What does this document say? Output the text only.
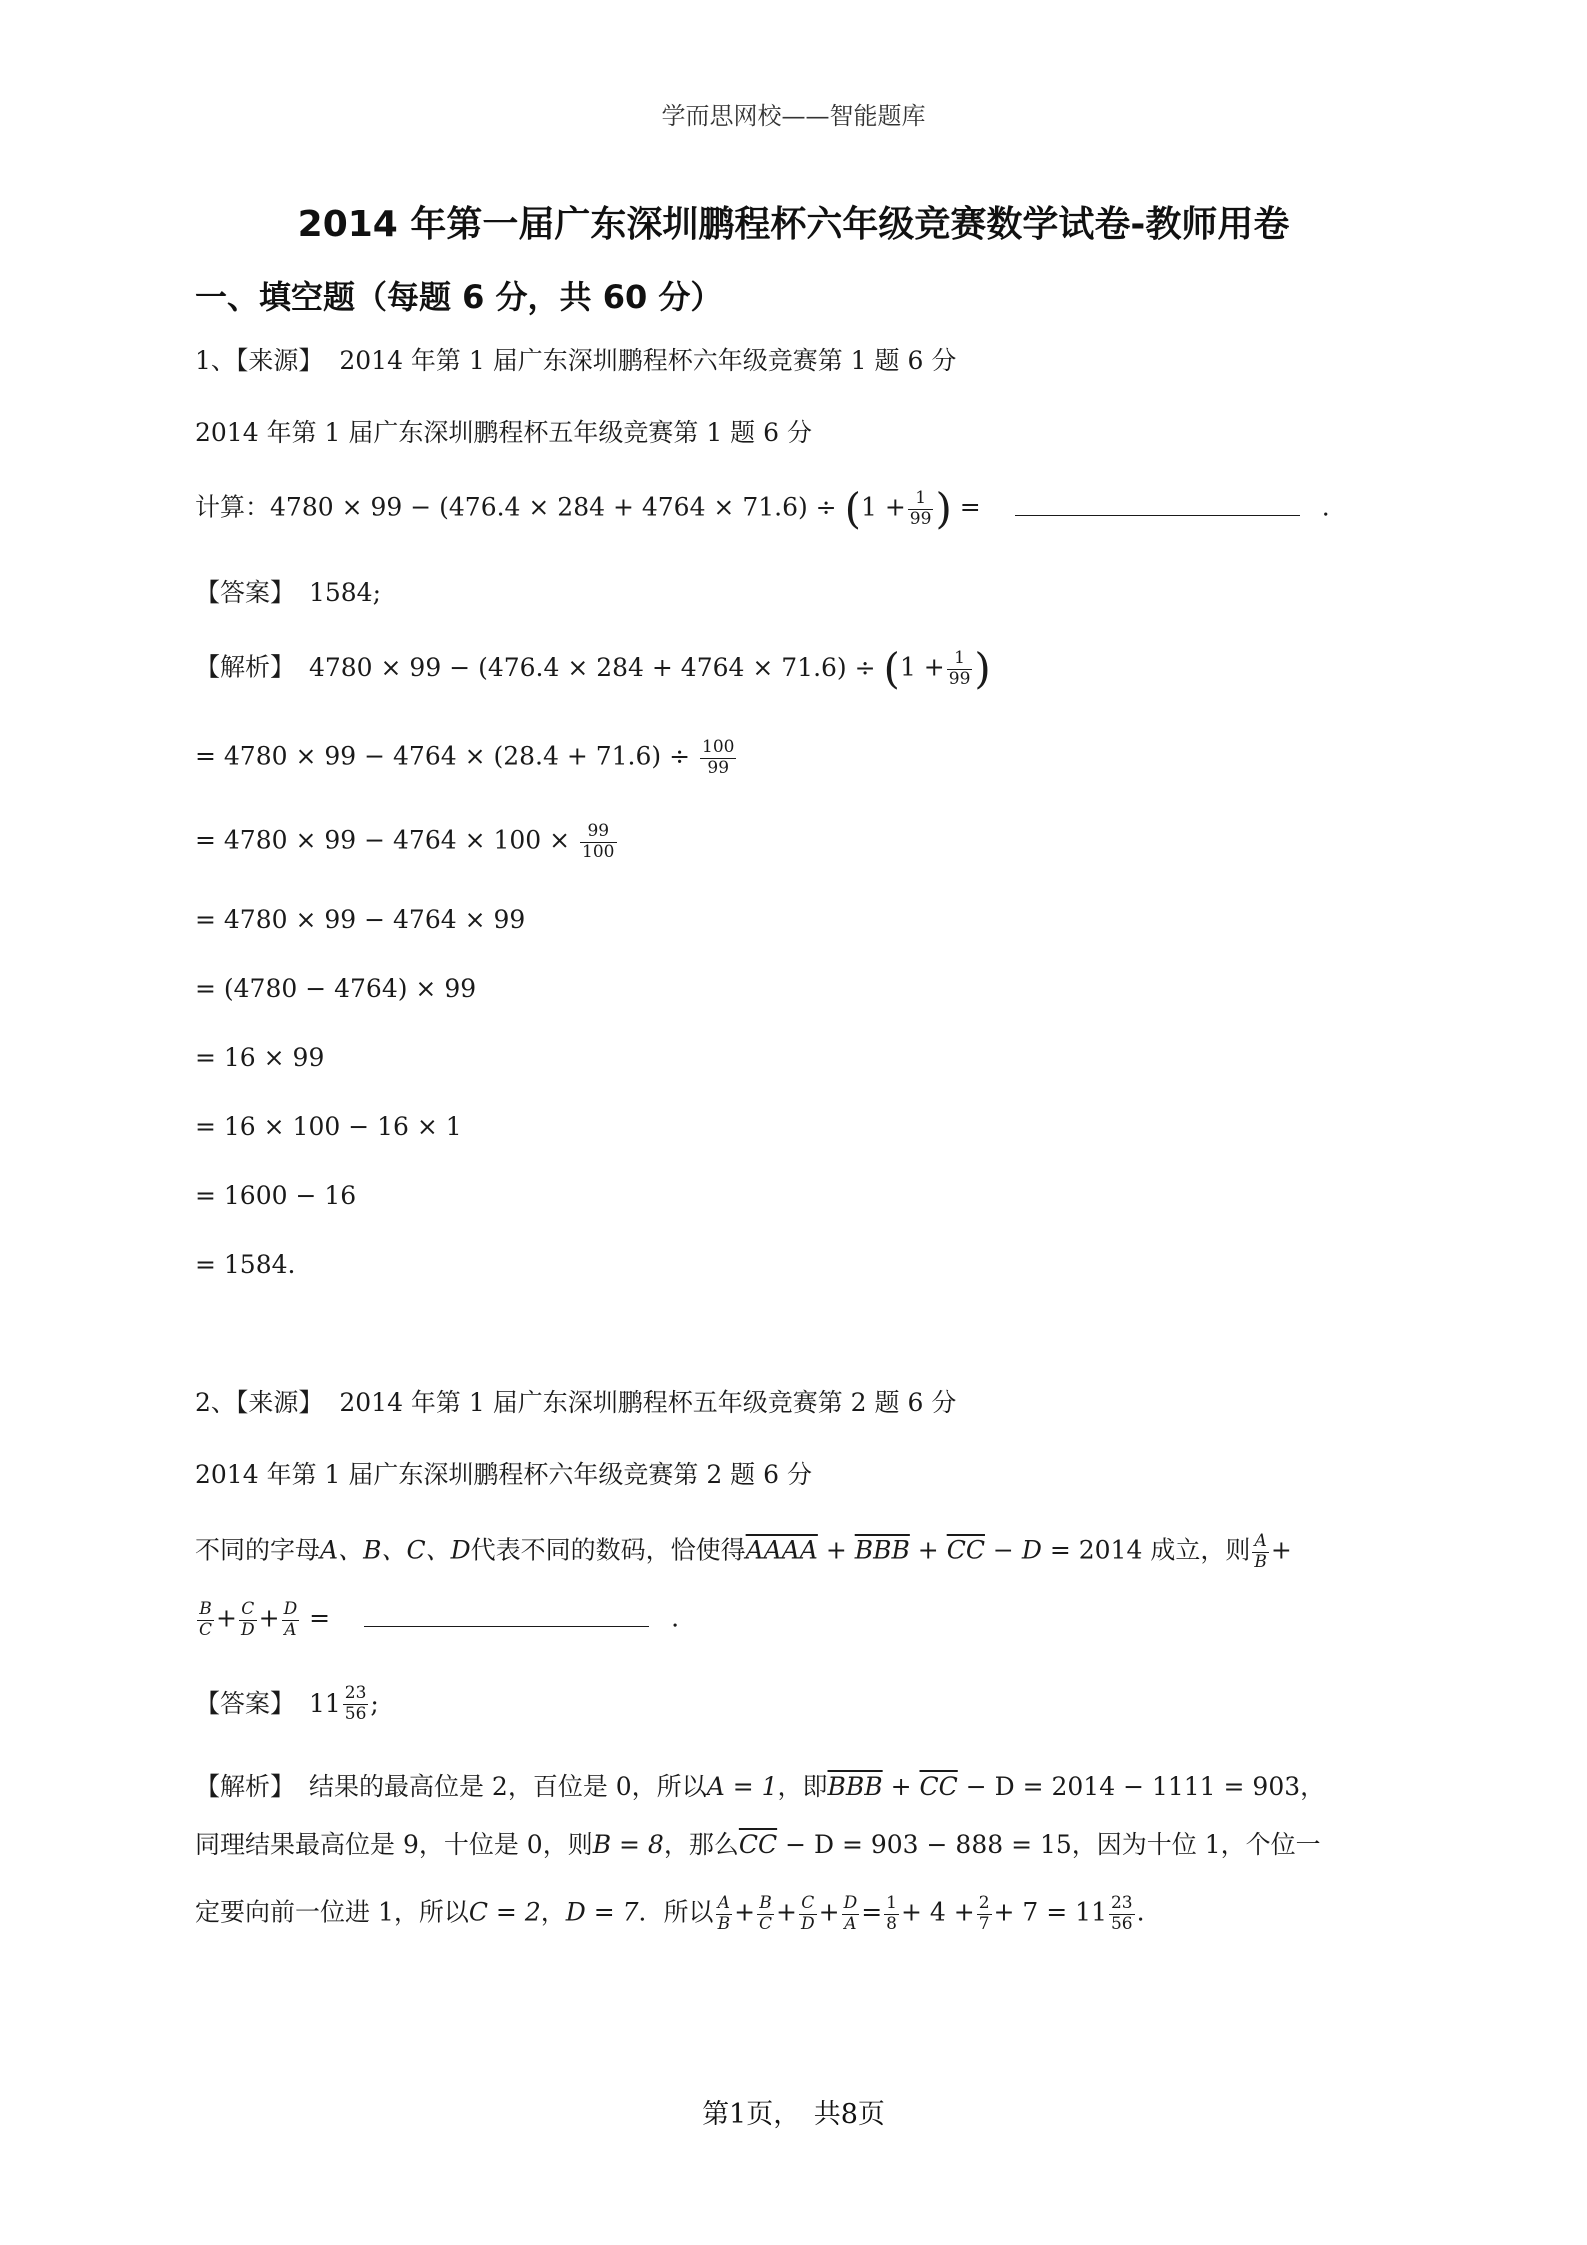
学而思网校——智能题库
2014 年第一届广东深圳鹏程杯六年级竞赛数学试卷-教师用卷
一、填空题（每题 6 分，共 60 分）
1、【来源】 2014 年第 1 届广东深圳鹏程杯六年级竞赛第 1 题 6 分
2014 年第 1 届广东深圳鹏程杯五年级竞赛第 1 题 6 分
计算：$4780 \times 99 - (476.4 \times 284 + 4764 \times 71.6) \div (1 + \frac{1}{99}$ ) =	.
【答案】 1584;
【解析】 $4780 \times 99 - (476.4 \times 284 + 4764 \times 71.6) \div (1 + \frac{1}{99}$ )
= $4780 \times 99 - 4764 \times (28.4 + 71.6) \div \frac{100}{99}$
= $4780 \times 99 - 4764 \times 100 \times \frac{99}{100}$
= 4780 × 99 − 4764 × 99
= (4780 − 4764) × 99
= 16 × 99
= 16 × 100 − 16 × 1
= 1600 − 16
= 1584.
2、【来源】 2014 年第 1 届广东深圳鹏程杯五年级竞赛第 2 题 6 分
2014 年第 1 届广东深圳鹏程杯六年级竞赛第 2 题 6 分
不同的字母A、B、C、D代表不同的数码，恰使得AAAA + $\overline{BBB} + \overline{CC} - D = 2014$ 成立，则 $\frac{A}{B}$ +
$\frac{B}{C} + \frac{C}{D} + \frac{D}{A}$ =	.
【答案】 $11 \frac{23}{56}$ ;
【解析】 结果的最高位是 2，百位是 0，所以A = 1，即$\overline{BBB} + \overline{CC} - D = 2014 - 1111 = 903$，
同理结果最高位是 9，十位是 0，则B = 8，那么$\overline{CC} - D = 903 - 888 = 15$，因为十位 1，个位一
定要向前一位进 1，所以C = 2，D = 7．所以 $\frac{A}{B} + \frac{B}{C} + \frac{C}{D} + \frac{D}{A} = \frac{1}{8} + 4 + \frac{2}{7} + 7 = 11 \frac{23}{56}$ .
第1页，　共8页
